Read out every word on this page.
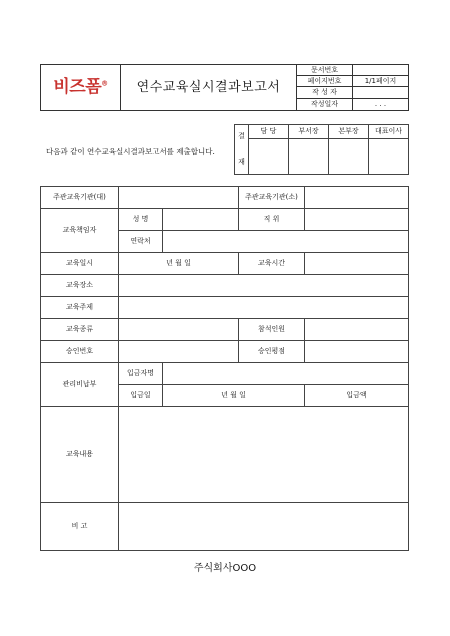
비즈폼®	연수교육실시결과보고서	문서번호	
		페이지번호	1/1페이지
		작 성 자	
		작성일자	. . .
다음과 같이 연수교육실시결과보고서를 제출합니다.
결

재	담 당	부서장	본부장	대표이사

주관교육기관(대)			주관교육기관(소)		
교육책임자	성 명		직 위		
	연락처				
교육일시	년 월 일		교육시간		
교육장소					
교육주제					
교육종류			참석인원		
승인번호			승인평점		
관리비납부	입금자명				
	입금일	년 월 일		입금액	
교육내용					
비 고					
주식회사OOO
